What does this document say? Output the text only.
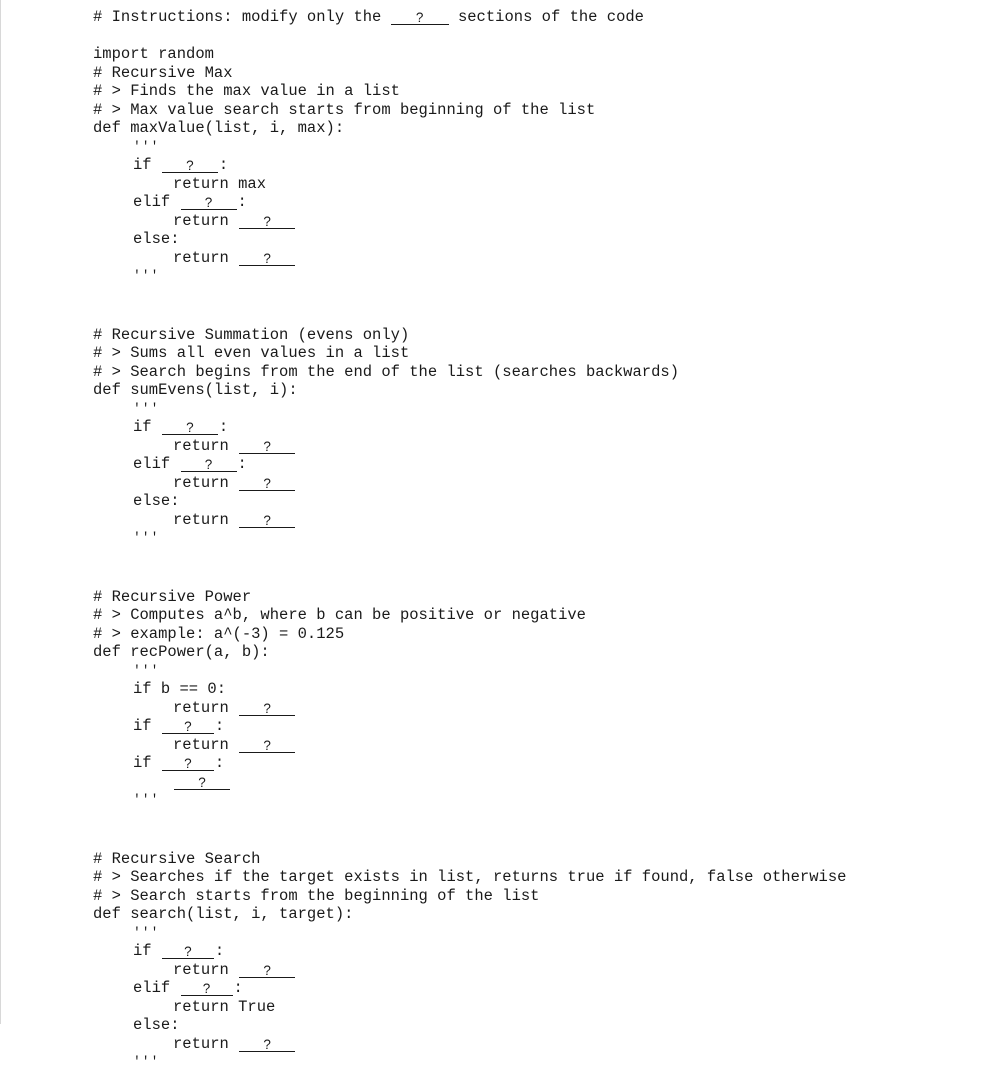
# Instructions: modify only the ? sections of the code
import random
# Recursive Max
# > Finds the max value in a list
# > Max value search starts from beginning of the list
def maxValue(list, i, max):
'''
if ? :
return max
elif ? :
return ?
else:
return ?
'''
# Recursive Summation (evens only)
# > Sums all even values in a list
# > Search begins from the end of the list (searches backwards)
def sumEvens(list, i):
'''
if ? :
return ?
elif ? :
return ?
else:
return ?
'''
# Recursive Power
# > Computes a^b, where b can be positive or negative
# > example: a^(-3) = 0.125
def recPower(a, b):
'''
if b == 0:
return ?
if ? :
return ?
if ? :
?
'''
# Recursive Search
# > Searches if the target exists in list, returns true if found, false otherwise
# > Search starts from the beginning of the list
def search(list, i, target):
'''
if ? :
return ?
elif ? :
return True
else:
return ?
'''
